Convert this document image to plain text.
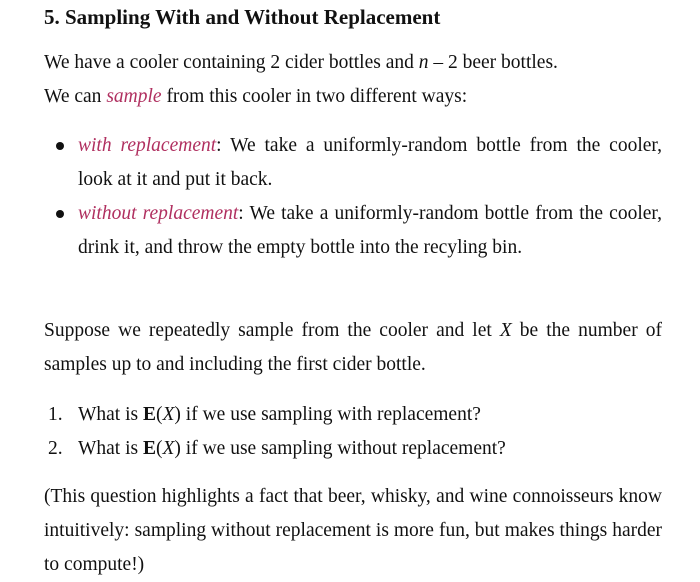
5. Sampling With and Without Replacement

We have a cooler containing 2 cider bottles and n – 2 beer bottles.
We can sample from this cooler in two different ways:

with replacement: We take a uniformly-random bottle from the cooler, look at it and put it back.
without replacement: We take a uniformly-random bottle from the cooler, drink it, and throw the empty bottle into the recyling bin.

Suppose we repeatedly sample from the cooler and let X be the number of samples up to and including the first cider bottle.

1. What is E(X) if we use sampling with replacement?
2. What is E(X) if we use sampling without replacement?

(This question highlights a fact that beer, whisky, and wine connoisseurs know intuitively: sampling without replacement is more fun, but makes things harder to compute!)
